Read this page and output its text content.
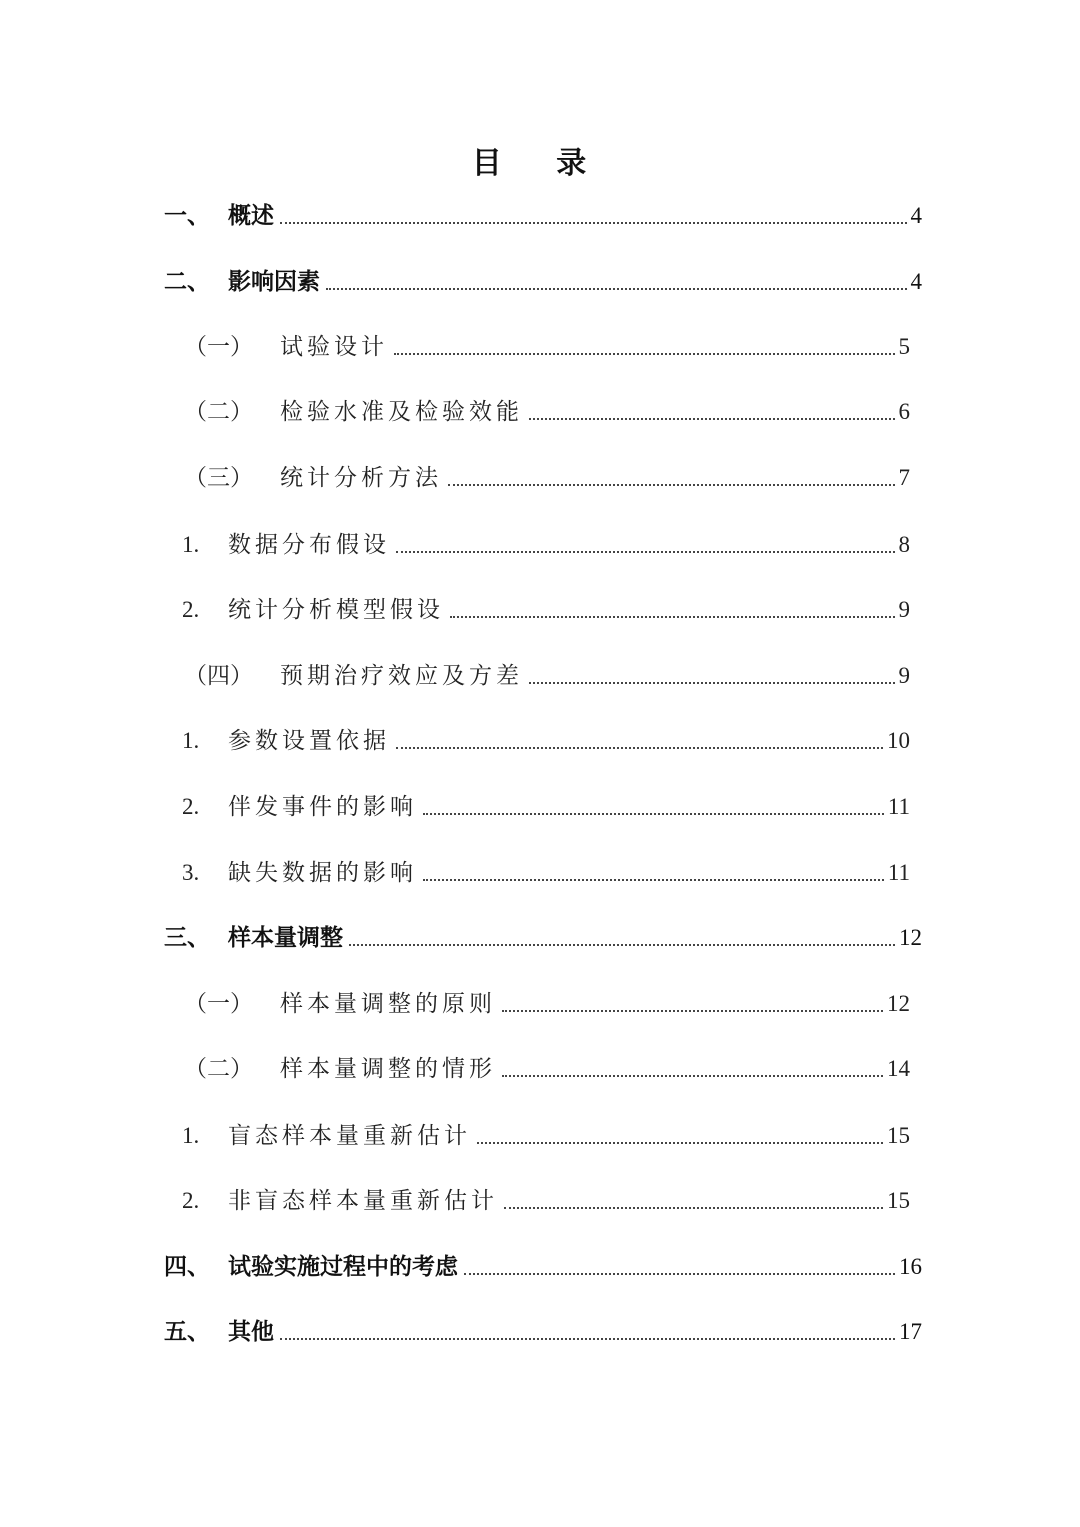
目 录
一、 概述	4
二、 影响因素	4
（一）	试验设计	5
（二）	检验水准及检验效能	6
（三）	统计分析方法	7
1.	数据分布假设	8
2.	统计分析模型假设	9
（四）	预期治疗效应及方差	9
1.	参数设置依据	10
2.	伴发事件的影响	11
3.	缺失数据的影响	11
三、 样本量调整	12
（一）	样本量调整的原则	12
（二）	样本量调整的情形	14
1.	盲态样本量重新估计	15
2.	非盲态样本量重新估计	15
四、 试验实施过程中的考虑	16
五、 其他	17
